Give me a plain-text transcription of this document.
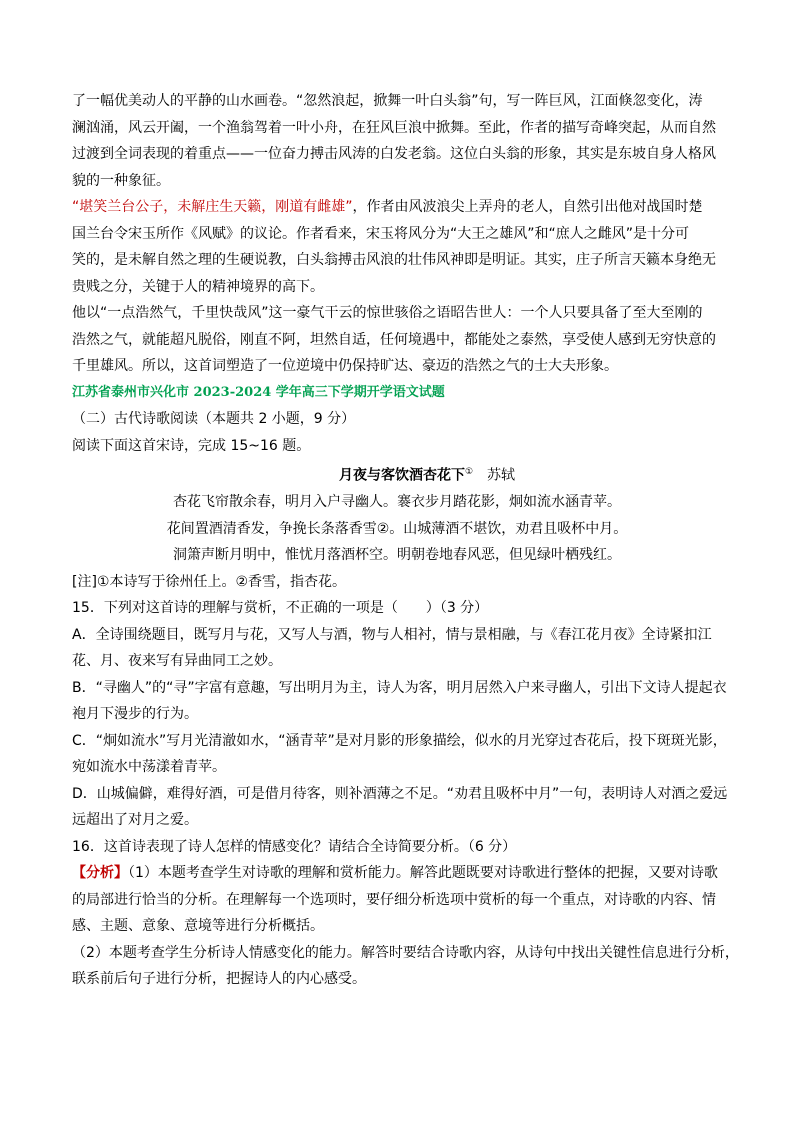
了一幅优美动人的平静的山水画卷。“忽然浪起，掀舞一叶白头翁”句，写一阵巨风，江面倏忽变化，涛
澜汹涌，风云开阖，一个渔翁驾着一叶小舟，在狂风巨浪中掀舞。至此，作者的描写奇峰突起，从而自然
过渡到全词表现的着重点——一位奋力搏击风涛的白发老翁。这位白头翁的形象，其实是东坡自身人格风
貌的一种象征。
“堪笑兰台公子，未解庄生天籁，刚道有雌雄”，作者由风波浪尖上弄舟的老人，自然引出他对战国时楚
国兰台令宋玉所作《风赋》的议论。作者看来，宋玉将风分为“大王之雄风”和“庶人之雌风”是十分可
笑的，是未解自然之理的生硬说教，白头翁搏击风浪的壮伟风神即是明证。其实，庄子所言天籁本身绝无
贵贱之分，关键于人的精神境界的高下。
他以“一点浩然气，千里快哉风”这一豪气干云的惊世骇俗之语昭告世人：一个人只要具备了至大至刚的
浩然之气，就能超凡脱俗，刚直不阿，坦然自适，任何境遇中，都能处之泰然，享受使人感到无穷快意的
千里雄风。所以，这首词塑造了一位逆境中仍保持旷达、豪迈的浩然之气的士大夫形象。
江苏省泰州市兴化市 2023-2024 学年高三下学期开学语文试题
（二）古代诗歌阅读（本题共 2 小题，9 分）
阅读下面这首宋诗，完成 15~16 题。
月夜与客饮酒杏花下①　 苏轼
杏花飞帘散余春，明月入户寻幽人。褰衣步月踏花影，炯如流水涵青苹。
花间置酒清香发，争挽长条落香雪②。山城薄酒不堪饮，劝君且吸杯中月。
洞箫声断月明中，惟忧月落酒杯空。明朝卷地春风恶，但见绿叶栖残红。
[注]①本诗写于徐州任上。②香雪，指杏花。
15．下列对这首诗的理解与赏析，不正确的一项是（　　）（3 分）
A．全诗围绕题目，既写月与花，又写人与酒，物与人相衬，情与景相融，与《春江花月夜》全诗紧扣江
花、月、夜来写有异曲同工之妙。
B．“寻幽人”的“寻”字富有意趣，写出明月为主，诗人为客，明月居然入户来寻幽人，引出下文诗人提起衣
袍月下漫步的行为。
C．“炯如流水”写月光清澈如水，“涵青苹”是对月影的形象描绘，似水的月光穿过杏花后，投下斑斑光影，
宛如流水中荡漾着青苹。
D．山城偏僻，难得好酒，可是借月待客，则补酒薄之不足。“劝君且吸杯中月”一句，表明诗人对酒之爱远
远超出了对月之爱。
16．这首诗表现了诗人怎样的情感变化？请结合全诗简要分析。（6 分）
【分析】（1）本题考查学生对诗歌的理解和赏析能力。解答此题既要对诗歌进行整体的把握，又要对诗歌
的局部进行恰当的分析。在理解每一个选项时，要仔细分析选项中赏析的每一个重点，对诗歌的内容、情
感、主题、意象、意境等进行分析概括。
（2）本题考查学生分析诗人情感变化的能力。解答时要结合诗歌内容，从诗句中找出关键性信息进行分析，
联系前后句子进行分析，把握诗人的内心感受。
